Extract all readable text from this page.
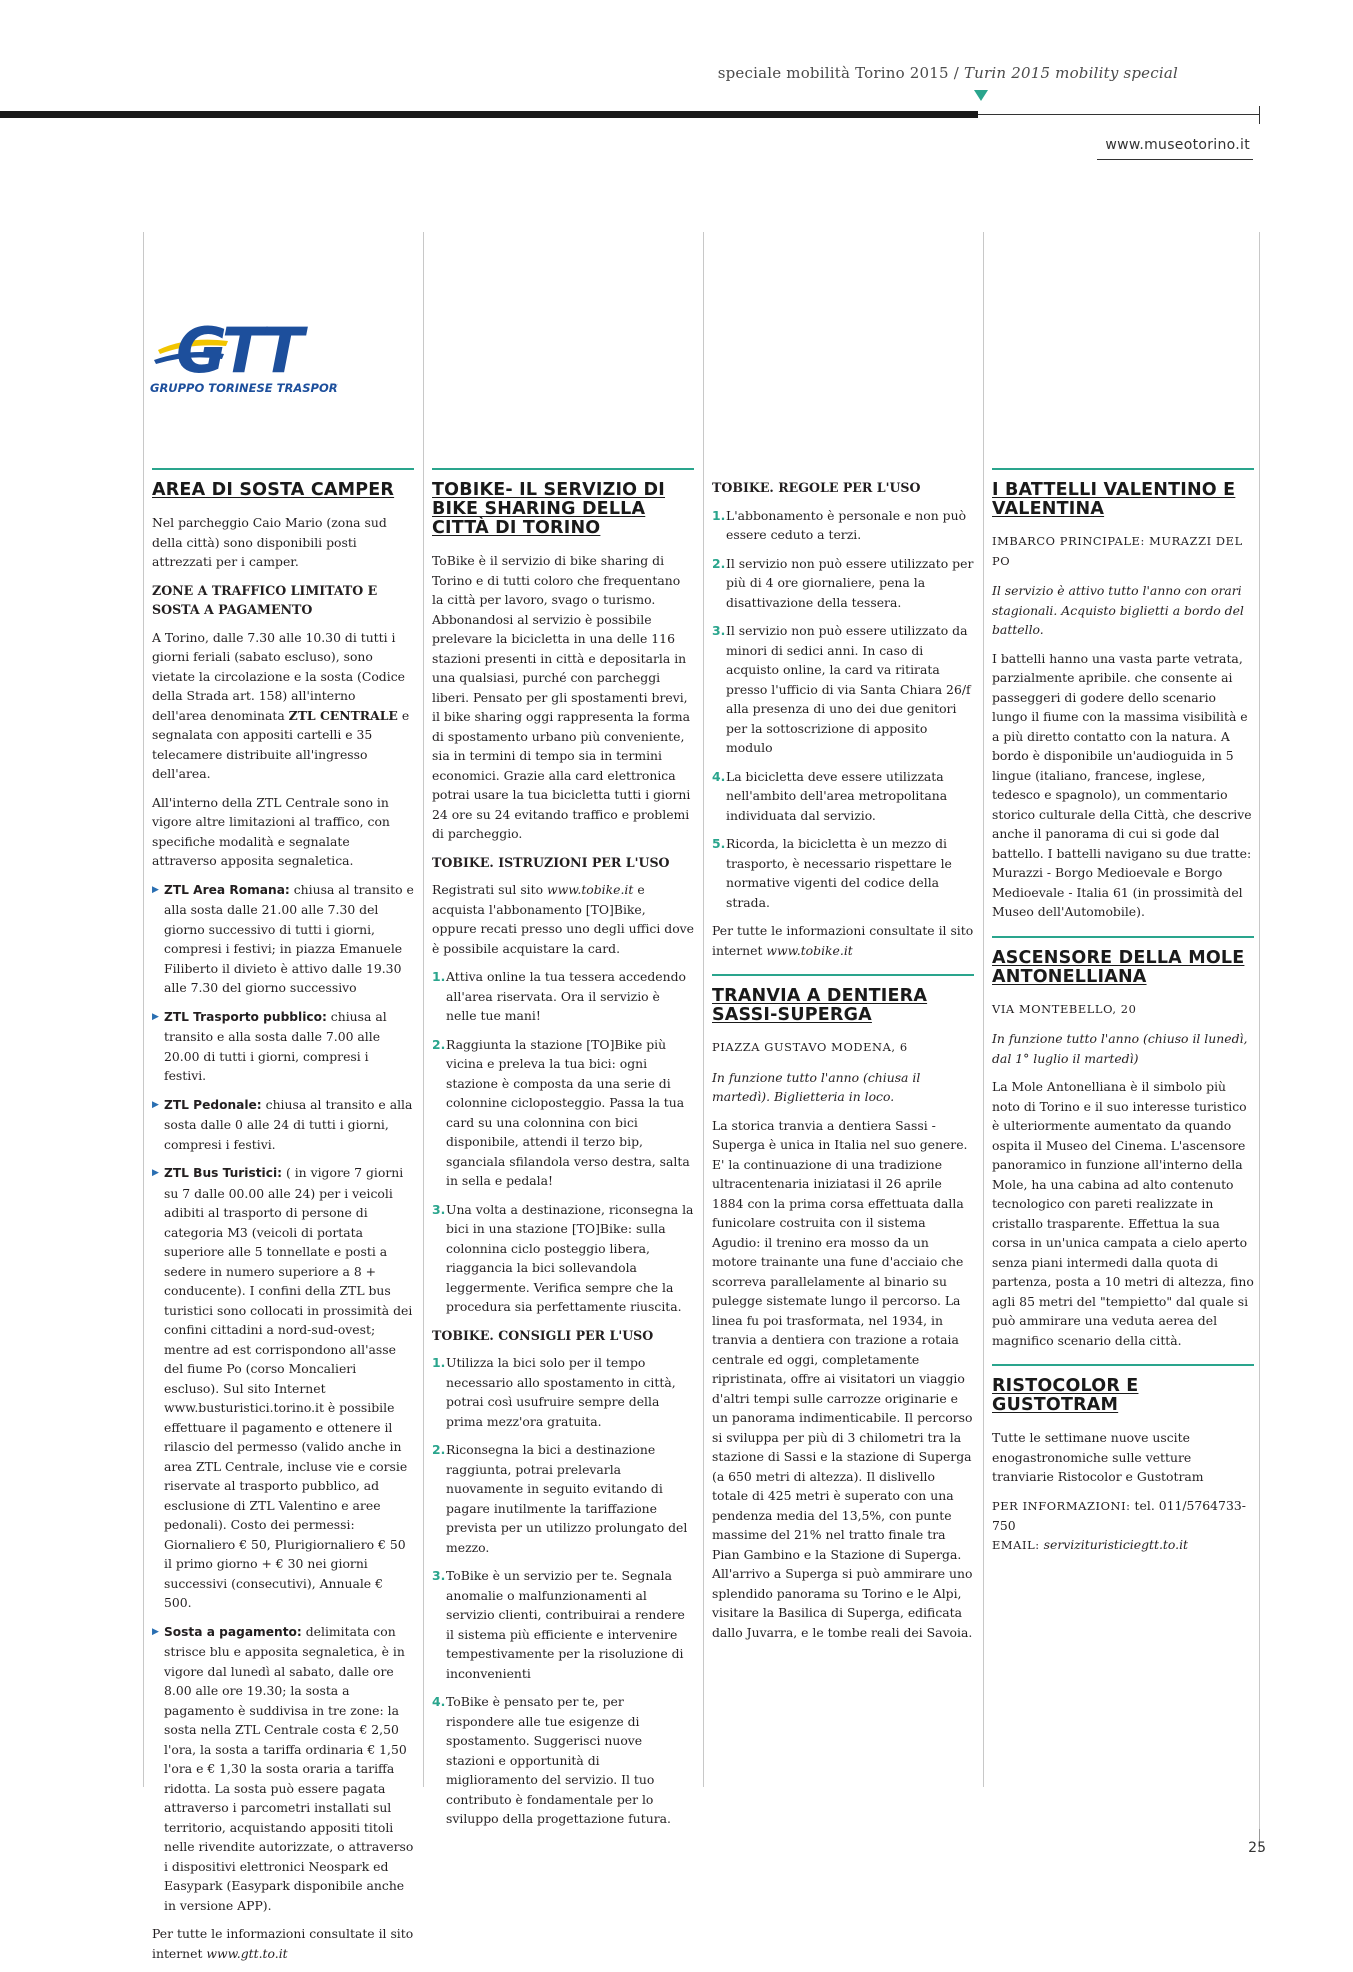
speciale mobilità Torino 2015 / Turin 2015 mobility special
www.museotorino.it
GTT
GRUPPO TORINESE TRASPORTI
AREA DI SOSTA CAMPER

Nel parcheggio Caio Mario (zona sud della città) sono disponibili posti attrezzati per i camper.

ZONE A TRAFFICO LIMITATO E SOSTA A PAGAMENTO

A Torino, dalle 7.30 alle 10.30 di tutti i giorni feriali (sabato escluso), sono vietate la circolazione e la sosta (Codice della Strada art. 158) all'interno dell'area denominata ZTL CENTRALE e segnalata con appositi cartelli e 35 telecamere distribuite all'ingresso dell'area.

All'interno della ZTL Centrale sono in vigore altre limitazioni al traffico, con specifiche modalità e segnalate attraverso apposita segnaletica.

▶ ZTL Area Romana: chiusa al transito e alla sosta dalle 21.00 alle 7.30 del giorno successivo di tutti i giorni, compresi i festivi; in piazza Emanuele Filiberto il divieto è attivo dalle 19.30 alle 7.30 del giorno successivo
▶ ZTL Trasporto pubblico: chiusa al transito e alla sosta dalle 7.00 alle 20.00 di tutti i giorni, compresi i festivi.
▶ ZTL Pedonale: chiusa al transito e alla sosta dalle 0 alle 24 di tutti i giorni, compresi i festivi.
▶ ZTL Bus Turistici: ( in vigore 7 giorni su 7 dalle 00.00 alle 24) per i veicoli adibiti al trasporto di persone di categoria M3 (veicoli di portata superiore alle 5 tonnellate e posti a sedere in numero superiore a 8 + conducente). I confini della ZTL bus turistici sono collocati in prossimità dei confini cittadini a nord-sud-ovest; mentre ad est corrispondono all'asse del fiume Po (corso Moncalieri escluso). Sul sito Internet www.busturistici.torino.it è possibile effettuare il pagamento e ottenere il rilascio del permesso (valido anche in area ZTL Centrale, incluse vie e corsie riservate al trasporto pubblico, ad esclusione di ZTL Valentino e aree pedonali). Costo dei permessi: Giornaliero € 50, Plurigiornaliero € 50 il primo giorno + € 30 nei giorni successivi (consecutivi), Annuale € 500.
▶ Sosta a pagamento: delimitata con strisce blu e apposita segnaletica, è in vigore dal lunedì al sabato, dalle ore 8.00 alle ore 19.30; la sosta a pagamento è suddivisa in tre zone: la sosta nella ZTL Centrale costa € 2,50 l'ora, la sosta a tariffa ordinaria € 1,50 l'ora e € 1,30 la sosta oraria a tariffa ridotta. La sosta può essere pagata attraverso i parcometri installati sul territorio, acquistando appositi titoli nelle rivendite autorizzate, o attraverso i dispositivi elettronici Neospark ed Easypark (Easypark disponibile anche in versione APP).

Per tutte le informazioni consultate il sito internet www.gtt.to.it

TOBIKE- IL SERVIZIO DI BIKE SHARING DELLA CITTÀ DI TORINO

ToBike è il servizio di bike sharing di Torino e di tutti coloro che frequentano la città per lavoro, svago o turismo. Abbonandosi al servizio è possibile prelevare la bicicletta in una delle 116 stazioni presenti in città e depositarla in una qualsiasi, purché con parcheggi liberi. Pensato per gli spostamenti brevi, il bike sharing oggi rappresenta la forma di spostamento urbano più conveniente, sia in termini di tempo sia in termini economici. Grazie alla card elettronica potrai usare la tua bicicletta tutti i giorni 24 ore su 24 evitando traffico e problemi di parcheggio.

TOBIKE. ISTRUZIONI PER L'USO

Registrati sul sito www.tobike.it e acquista l'abbonamento [TO]Bike, oppure recati presso uno degli uffici dove è possibile acquistare la card.

1. Attiva online la tua tessera accedendo all'area riservata. Ora il servizio è nelle tue mani!
2. Raggiunta la stazione [TO]Bike più vicina e preleva la tua bici: ogni stazione è composta da una serie di colonnine cicloposteggio. Passa la tua card su una colonnina con bici disponibile, attendi il terzo bip, sganciala sfilandola verso destra, salta in sella e pedala!
3. Una volta a destinazione, riconsegna la bici in una stazione [TO]Bike: sulla colonnina ciclo posteggio libera, riaggancia la bici sollevandola leggermente. Verifica sempre che la procedura sia perfettamente riuscita.
TOBIKE. CONSIGLI PER L'USO
1. Utilizza la bici solo per il tempo necessario allo spostamento in città, potrai così usufruire sempre della prima mezz'ora gratuita.
2. Riconsegna la bici a destinazione raggiunta, potrai prelevarla nuovamente in seguito evitando di pagare inutilmente la tariffazione prevista per un utilizzo prolungato del mezzo.
3. ToBike è un servizio per te. Segnala anomalie o malfunzionamenti al servizio clienti, contribuirai a rendere il sistema più efficiente e intervenire tempestivamente per la risoluzione di inconvenienti
4. ToBike è pensato per te, per rispondere alle tue esigenze di spostamento. Suggerisci nuove stazioni e opportunità di miglioramento del servizio. Il tuo contributo è fondamentale per lo sviluppo della progettazione futura.
TOBIKE. REGOLE PER L'USO
1. L'abbonamento è personale e non può essere ceduto a terzi.
2. Il servizio non può essere utilizzato per più di 4 ore giornaliere, pena la disattivazione della tessera.
3. Il servizio non può essere utilizzato da minori di sedici anni. In caso di acquisto online, la card va ritirata presso l'ufficio di via Santa Chiara 26/f alla presenza di uno dei due genitori per la sottoscrizione di apposito modulo
4. La bicicletta deve essere utilizzata nell'ambito dell'area metropolitana individuata dal servizio.
5. Ricorda, la bicicletta è un mezzo di trasporto, è necessario rispettare le normative vigenti del codice della strada.

Per tutte le informazioni consultate il sito internet www.tobike.it

TRANVIA A DENTIERA SASSI-SUPERGA
PIAZZA GUSTAVO MODENA, 6

In funzione tutto l'anno (chiusa il martedì). Biglietteria in loco.

La storica tranvia a dentiera Sassi - Superga è unica in Italia nel suo genere. E' la continuazione di una tradizione ultracentenaria iniziatasi il 26 aprile 1884 con la prima corsa effettuata dalla funicolare costruita con il sistema Agudio: il trenino era mosso da un motore trainante una fune d'acciaio che scorreva parallelamente al binario su pulegge sistemate lungo il percorso. La linea fu poi trasformata, nel 1934, in tranvia a dentiera con trazione a rotaia centrale ed oggi, completamente ripristinata, offre ai visitatori un viaggio d'altri tempi sulle carrozze originarie e un panorama indimenticabile. Il percorso si sviluppa per più di 3 chilometri tra la stazione di Sassi e la stazione di Superga (a 650 metri di altezza). Il dislivello totale di 425 metri è superato con una pendenza media del 13,5%, con punte massime del 21% nel tratto finale tra Pian Gambino e la Stazione di Superga. All'arrivo a Superga si può ammirare uno splendido panorama su Torino e le Alpi, visitare la Basilica di Superga, edificata dallo Juvarra, e le tombe reali dei Savoia.

I BATTELLI VALENTINO E VALENTINA
IMBARCO PRINCIPALE: MURAZZI DEL PO

Il servizio è attivo tutto l'anno con orari stagionali. Acquisto biglietti a bordo del battello.

I battelli hanno una vasta parte vetrata, parzialmente apribile. che consente ai passeggeri di godere dello scenario lungo il fiume con la massima visibilità e a più diretto contatto con la natura. A bordo è disponibile un'audioguida in 5 lingue (italiano, francese, inglese, tedesco e spagnolo), un commentario storico culturale della Città, che descrive anche il panorama di cui si gode dal battello. I battelli navigano su due tratte: Murazzi - Borgo Medioevale e Borgo Medioevale - Italia 61 (in prossimità del Museo dell'Automobile).

ASCENSORE DELLA MOLE ANTONELLIANA
VIA MONTEBELLO, 20

In funzione tutto l'anno (chiuso il lunedì, dal 1° luglio il martedì)

La Mole Antonelliana è il simbolo più noto di Torino e il suo interesse turistico è ulteriormente aumentato da quando ospita il Museo del Cinema. L'ascensore panoramico in funzione all'interno della Mole, ha una cabina ad alto contenuto tecnologico con pareti realizzate in cristallo trasparente. Effettua la sua corsa in un'unica campata a cielo aperto senza piani intermedi dalla quota di partenza, posta a 10 metri di altezza, fino agli 85 metri del "tempietto" dal quale si può ammirare una veduta aerea del magnifico scenario della città.

RISTOCOLOR E GUSTOTRAM

Tutte le settimane nuove uscite enogastronomiche sulle vetture tranviarie Ristocolor e Gustotram

PER INFORMAZIONI: tel. 011/5764733-750
EMAIL: servizituristiciegtt.to.it

25
